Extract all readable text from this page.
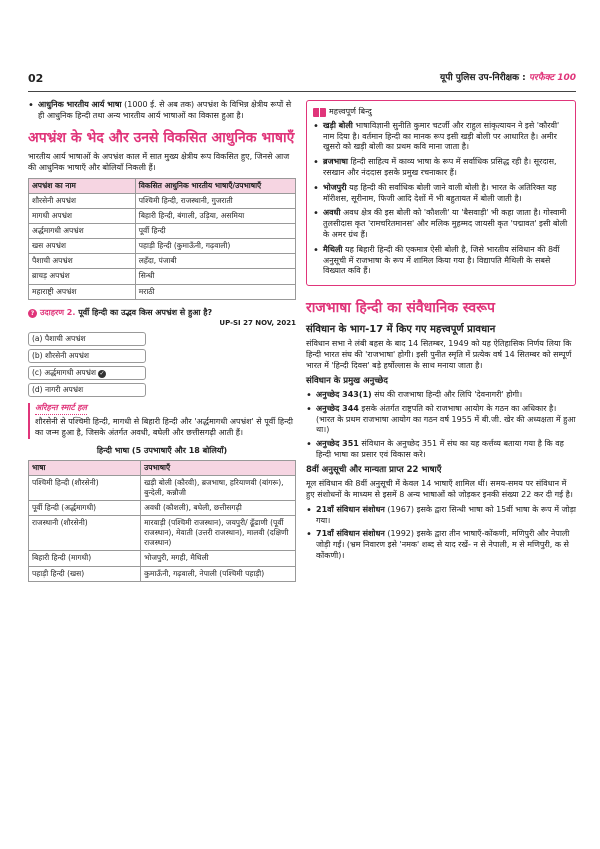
02	यूपी पुलिस उप-निरीक्षक : परफैक्ट 100
• आधुनिक भारतीय आर्य भाषा (1000 ई. से अब तक) अपभ्रंश के विभिन्न क्षेत्रीय रूपों से ही आधुनिक हिन्दी तथा अन्य भारतीय आर्य भाषाओं का विकास हुआ है।
अपभ्रंश के भेद और उनसे विकसित आधुनिक भाषाएँ
भारतीय आर्य भाषाओं के अपभ्रंश काल में सात मुख्य क्षेत्रीय रूप विकसित हुए, जिनसे आज की आधुनिक भाषाएँ और बोलियाँ निकली हैं।
अपभ्रंश का नाम	विकसित आधुनिक भारतीय भाषाएँ/उपभाषाएँ
शौरसेनी अपभ्रंश	पश्चिमी हिन्दी, राजस्थानी, गुजराती
मागधी अपभ्रंश	बिहारी हिन्दी, बंगाली, उड़िया, असमिया
अर्द्धमागधी अपभ्रंश	पूर्वी हिन्दी
खस अपभ्रंश	पहाड़ी हिन्दी (कुमाऊँनी, गढ़वाली)
पैशाची अपभ्रंश	लहँदा, पंजाबी
ब्राचड़ अपभ्रंश	सिन्धी
महाराष्ट्री अपभ्रंश	मराठी
? उदाहरण 2. पूर्वी हिन्दी का उद्भव किस अपभ्रंश से हुआ है?
UP-SI 27 NOV, 2021
(a) पैशाची अपभ्रंश
(b) शौरसेनी अपभ्रंश
(c) अर्द्धमागधी अपभ्रंश ✓
(d) नागरी अपभ्रंश
अरिहन्त स्मार्ट हल
शौरसेनी से पश्चिमी हिन्दी, मागधी से बिहारी हिन्दी और 'अर्द्धमागधी अपभ्रंश' से पूर्वी हिन्दी का जन्म हुआ है, जिसके अंतर्गत अवधी, बघेली और छत्तीसगढ़ी आती हैं।
हिन्दी भाषा (5 उपभाषाएँ और 18 बोलियाँ)
भाषा	उपभाषाएँ
पश्चिमी हिन्दी (शौरसेनी)	खड़ी बोली (कौरवी), ब्रजभाषा, हरियाणवी (बांगरू), बुन्देली, कन्नौजी
पूर्वी हिन्दी (अर्द्धमागधी)	अवधी (कौशली), बघेली, छत्तीसगढ़ी
राजस्थानी (शौरसेनी)	मारवाड़ी (पश्चिमी राजस्थान), जयपुरी/ ढूँढाणी (पूर्वी राजस्थान), मेवाती (उत्तरी राजस्थान), मालवी (दक्षिणी राजस्थान)
बिहारी हिन्दी (मागधी)	भोजपुरी, मगही, मैथिली
पहाड़ी हिन्दी (खस)	कुमाऊँनी, गढ़वाली, नेपाली (पश्चिमी पहाड़ी)
महत्त्वपूर्ण बिन्दु
• खड़ी बोली भाषाविज्ञानी सुनीति कुमार चटर्जी और राहुल सांकृत्यायन ने इसे 'कौरवी' नाम दिया है। वर्तमान हिन्दी का मानक रूप इसी खड़ी बोली पर आधारित है। अमीर खुसरो को खड़ी बोली का प्रथम कवि माना जाता है।
• ब्रजभाषा हिन्दी साहित्य में काव्य भाषा के रूप में सर्वाधिक प्रसिद्ध रही है। सूरदास, रसखान और नंददास इसके प्रमुख रचनाकार हैं।
• भोजपुरी यह हिन्दी की सर्वाधिक बोली जाने वाली बोली है। भारत के अतिरिक्त यह मॉरीशस, सूरीनाम, फिजी आदि देशों में भी बहुतायत में बोली जाती है।
• अवधी अवध क्षेत्र की इस बोली को 'कौशली' या 'बैसवाड़ी' भी कहा जाता है। गोस्वामी तुलसीदास कृत 'रामचरितमानस' और मलिक मुहम्मद जायसी कृत 'पद्मावत' इसी बोली के अमर ग्रंथ हैं।
• मैथिली यह बिहारी हिन्दी की एकमात्र ऐसी बोली है, जिसे भारतीय संविधान की 8वीं अनुसूची में राजभाषा के रूप में शामिल किया गया है। विद्यापति मैथिली के सबसे विख्यात कवि हैं।
राजभाषा हिन्दी का संवैधानिक स्वरूप
संविधान के भाग-17 में किए गए महत्त्वपूर्ण प्रावधान
संविधान सभा ने लंबी बहस के बाद 14 सितम्बर, 1949 को यह ऐतिहासिक निर्णय लिया कि हिन्दी भारत संघ की 'राजभाषा' होगी। इसी पुनीत स्मृति में प्रत्येक वर्ष 14 सितम्बर को सम्पूर्ण भारत में 'हिन्दी दिवस' बड़े हर्षोल्लास के साथ मनाया जाता है।
संविधान के प्रमुख अनुच्छेद
• अनुच्छेद 343(1) संघ की राजभाषा हिन्दी और लिपि 'देवनागरी' होगी।
• अनुच्छेद 344 इसके अंतर्गत राष्ट्रपति को राजभाषा आयोग के गठन का अधिकार है। (भारत के प्रथम राजभाषा आयोग का गठन वर्ष 1955 में बी.जी. खेर की अध्यक्षता में हुआ था।)
• अनुच्छेद 351 संविधान के अनुच्छेद 351 में संघ का यह कर्त्तव्य बताया गया है कि वह हिन्दी भाषा का प्रसार एवं विकास करे।
8वीं अनुसूची और मान्यता प्राप्त 22 भाषाएँ
मूल संविधान की 8वीं अनुसूची में केवल 14 भाषाएँ शामिल थीं। समय-समय पर संविधान में हुए संशोधनों के माध्यम से इसमें 8 अन्य भाषाओं को जोड़कर इनकी संख्या 22 कर दी गई है।
• 21वाँ संविधान संशोधन (1967) इसके द्वारा सिन्धी भाषा को 15वीं भाषा के रूप में जोड़ा गया।
• 71वाँ संविधान संशोधन (1992) इसके द्वारा तीन भाषाएँ-कोंकणी, मणिपुरी और नेपाली जोड़ी गईं। (भ्रम निवारण इसे 'नमक' शब्द से याद रखें- न से नेपाली, म से मणिपुरी, क से कोंकणी)।
